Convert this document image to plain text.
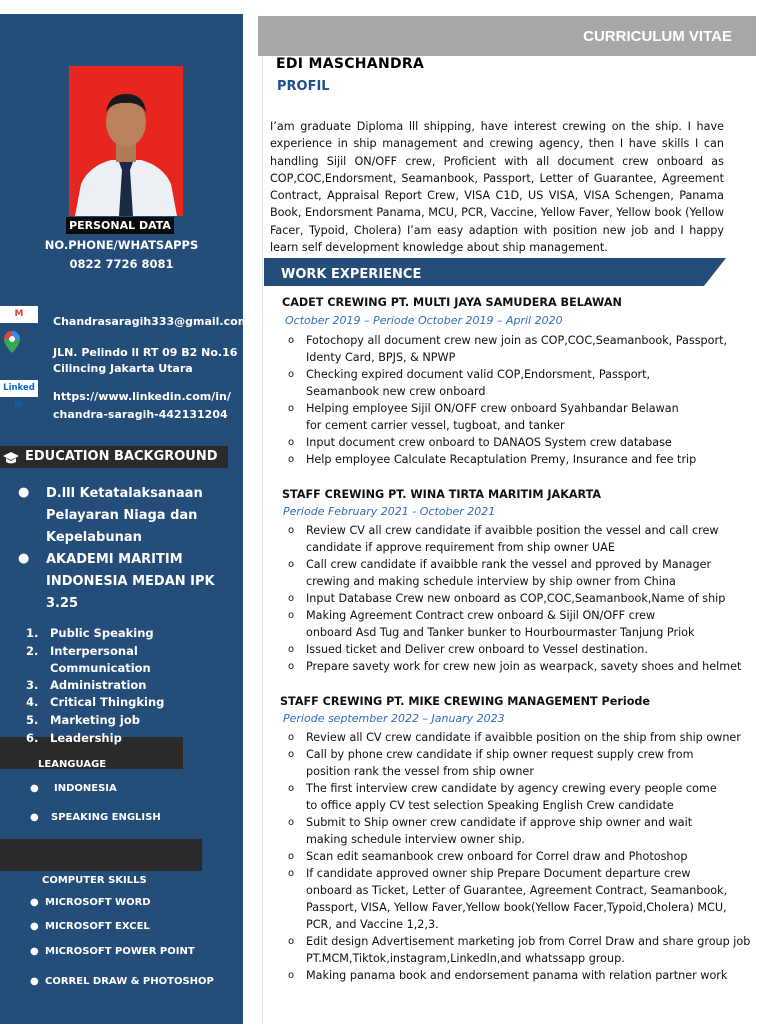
PERSONAL DATA
NO.PHONE/WHATSAPPS
0822 7726 8081
M
Chandrasaragih333@gmail.com
JLN. Pelindo ll RT 09 B2 No.16
Cilincing Jakarta Utara
Linked in
https://www.linkedin.com/in/
chandra-saragih-442131204
EDUCATION BACKGROUND
● D.lll Ketatalaksanaan Pelayaran Niaga dan Kepelabunan
● AKADEMI MARITIM INDONESIA MEDAN IPK 3.25
1. Public Speaking
2. Interpersonal Communication
3. Administration
4. Critical Thingking
5. Marketing job
6. Leadership
LEANGUAGE
● INDONESIA
● SPEAKING ENGLISH
COMPUTER SKILLS
● MICROSOFT WORD
● MICROSOFT EXCEL
● MICROSOFT POWER POINT
● CORREL DRAW & PHOTOSHOP
CURRICULUM VITAE
EDI MASCHANDRA
PROFIL
I’am graduate Diploma lll shipping, have interest crewing on the ship. I have experience in ship management and crewing agency, then I have skills I can handling Sijil ON/OFF crew, Proficient with all document crew onboard as COP,COC,Endorsment, Seamanbook, Passport, Letter of Guarantee, Agreement Contract, Appraisal Report Crew, VISA C1D, US VISA, VISA Schengen, Panama Book, Endorsment Panama, MCU, PCR, Vaccine, Yellow Faver, Yellow book (Yellow Facer, Typoid, Cholera) I’am easy adaption with position new job and I happy learn self development knowledge about ship management.
WORK EXPERIENCE
CADET CREWING PT. MULTI JAYA SAMUDERA BELAWAN
October 2019 – Periode October 2019 – April 2020
o Fotochopy all document crew new join as COP,COC,Seamanbook, Passport,
Identy Card, BPJS, & NPWP
o Checking expired document valid COP,Endorsment, Passport,
Seamanbook new crew onboard
o Helping employee Sijil ON/OFF crew onboard Syahbandar Belawan
for cement carrier vessel, tugboat, and tanker
o Input document crew onboard to DANAOS System crew database
o Help employee Calculate Recaptulation Premy, Insurance and fee trip
STAFF CREWING PT. WINA TIRTA MARITIM JAKARTA
Periode February 2021 - October 2021
o Review CV all crew candidate if avaibble position the vessel and call crew
candidate if approve requirement from ship owner UAE
o Call crew candidate if avaibble rank the vessel and pproved by Manager
crewing and making schedule interview by ship owner from China
o Input Database Crew new onboard as COP,COC,Seamanbook,Name of ship
o Making Agreement Contract crew onboard & Sijil ON/OFF crew
onboard Asd Tug and Tanker bunker to Hourbourmaster Tanjung Priok
o Issued ticket and Deliver crew onboard to Vessel destination.
o Prepare savety work for crew new join as wearpack, savety shoes and helmet
STAFF CREWING PT. MIKE CREWING MANAGEMENT Periode
Periode september 2022 – January 2023
o Review all CV crew candidate if avaibble position on the ship from ship owner
o Call by phone crew candidate if ship owner request supply crew from
position rank the vessel from ship owner
o The first interview crew candidate by agency crewing every people come
to office apply CV test selection Speaking English Crew candidate
o Submit to Ship owner crew candidate if approve ship owner and wait
making schedule interview owner ship.
o Scan edit seamanbook crew onboard for Correl draw and Photoshop
o If candidate approved owner ship Prepare Document departure crew
onboard as Ticket, Letter of Guarantee, Agreement Contract, Seamanbook,
Passport, VISA, Yellow Faver,Yellow book(Yellow Facer,Typoid,Cholera) MCU,
PCR, and Vaccine 1,2,3.
o Edit design Advertisement marketing job from Correl Draw and share group job
PT.MCM,Tiktok,instagram,Linkedln,and whatssapp group.
o Making panama book and endorsement panama with relation partner work
